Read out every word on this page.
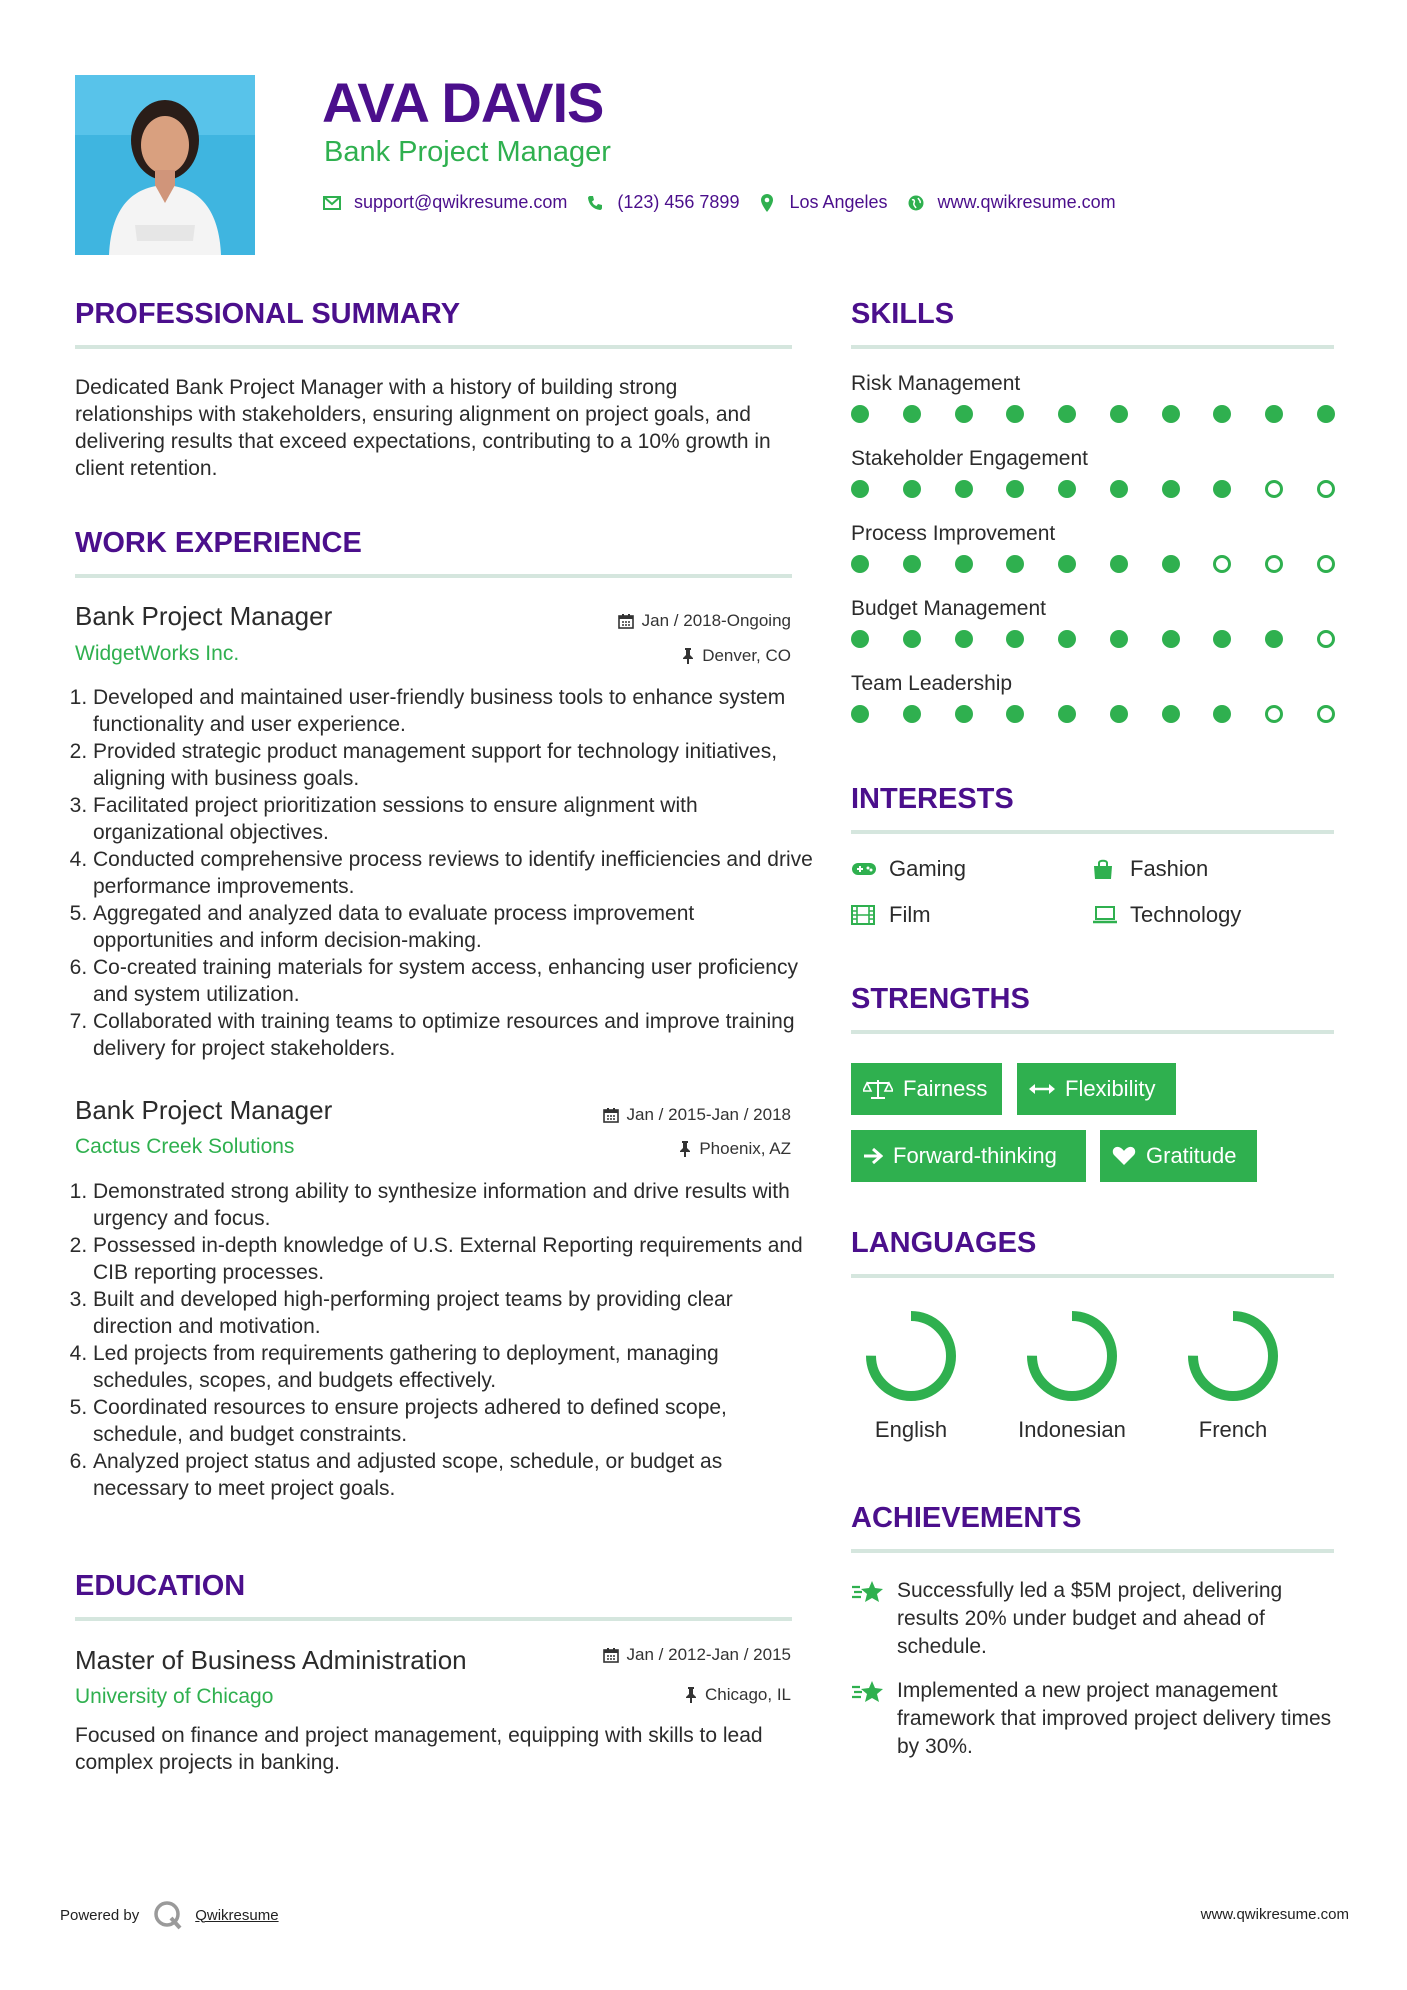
AVA DAVIS
Bank Project Manager
support@qwikresume.com	(123) 456 7899	Los Angeles	www.qwikresume.com
PROFESSIONAL SUMMARY
Dedicated Bank Project Manager with a history of building strong relationships with stakeholders, ensuring alignment on project goals, and delivering results that exceed expectations, contributing to a 10% growth in client retention.
WORK EXPERIENCE
Bank Project Manager	Jan / 2018-Ongoing
WidgetWorks Inc.	Denver, CO
1. Developed and maintained user-friendly business tools to enhance system functionality and user experience.
2. Provided strategic product management support for technology initiatives, aligning with business goals.
3. Facilitated project prioritization sessions to ensure alignment with organizational objectives.
4. Conducted comprehensive process reviews to identify inefficiencies and drive performance improvements.
5. Aggregated and analyzed data to evaluate process improvement opportunities and inform decision-making.
6. Co-created training materials for system access, enhancing user proficiency and system utilization.
7. Collaborated with training teams to optimize resources and improve training delivery for project stakeholders.
Bank Project Manager	Jan / 2015-Jan / 2018
Cactus Creek Solutions	Phoenix, AZ
1. Demonstrated strong ability to synthesize information and drive results with urgency and focus.
2. Possessed in-depth knowledge of U.S. External Reporting requirements and CIB reporting processes.
3. Built and developed high-performing project teams by providing clear direction and motivation.
4. Led projects from requirements gathering to deployment, managing schedules, scopes, and budgets effectively.
5. Coordinated resources to ensure projects adhered to defined scope, schedule, and budget constraints.
6. Analyzed project status and adjusted scope, schedule, or budget as necessary to meet project goals.
EDUCATION
Master of Business Administration	Jan / 2012-Jan / 2015
University of Chicago	Chicago, IL
Focused on finance and project management, equipping with skills to lead complex projects in banking.
SKILLS
Risk Management
Stakeholder Engagement
Process Improvement
Budget Management
Team Leadership
INTERESTS
Gaming	Fashion
Film	Technology
STRENGTHS
Fairness	Flexibility
Forward-thinking	Gratitude
LANGUAGES
English	Indonesian	French
ACHIEVEMENTS
Successfully led a $5M project, delivering results 20% under budget and ahead of schedule.
Implemented a new project management framework that improved project delivery times by 30%.
Powered by	Qwikresume	www.qwikresume.com
